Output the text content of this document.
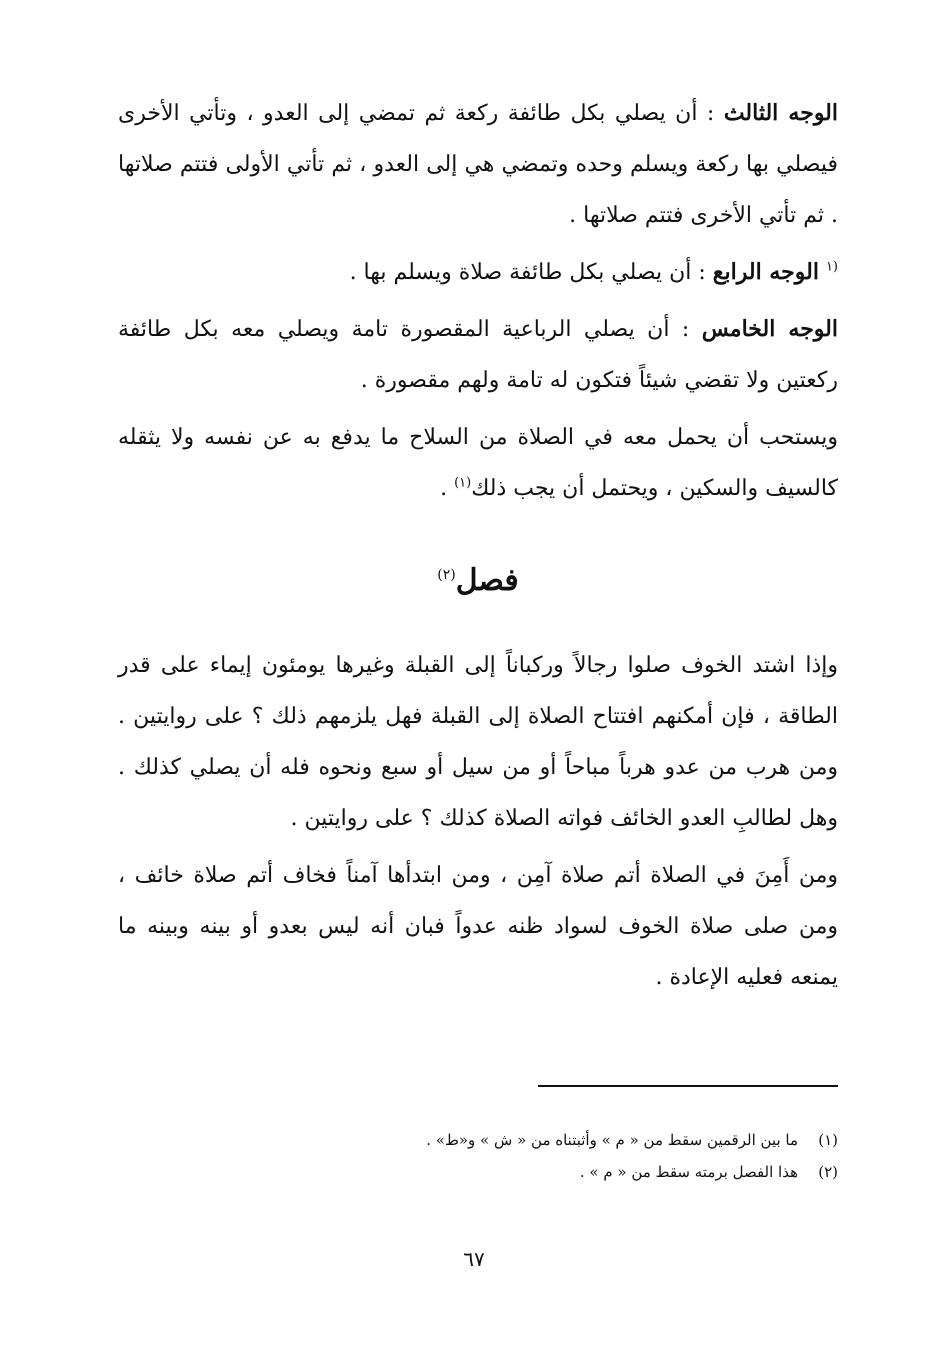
الوجه الثالث : أن يصلي بكل طائفة ركعة ثم تمضي إلى العدو ، وتأتي الأخرى فيصلي بها ركعة ويسلم وحده وتمضي هي إلى العدو ، ثم تأتي الأولى فتتم صلاتها . ثم تأتي الأخرى فتتم صلاتها .

$^{(١}$ الوجه الرابع : أن يصلي بكل طائفة صلاة ويسلم بها .

الوجه الخامس : أن يصلي الرباعية المقصورة تامة ويصلي معه بكل طائفة ركعتين ولا تقضي شيئاً فتكون له تامة ولهم مقصورة .

ويستحب أن يحمل معه في الصلاة من السلاح ما يدفع به عن نفسه ولا يثقله كالسيف والسكين ، ويحتمل أن يجب ذلك$^{(١)}$ .

فصل$^{(٢)}$

وإذا اشتد الخوف صلوا رجالاً وركباناً إلى القبلة وغيرها يومئون إيماء على قدر الطاقة ، فإن أمكنهم افتتاح الصلاة إلى القبلة فهل يلزمهم ذلك ؟ على روايتين . ومن هرب من عدو هرباً مباحاً أو من سيل أو سبع ونحوه فله أن يصلي كذلك . وهل لطالبِ العدو الخائف فواته الصلاة كذلك ؟ على روايتين .

ومن أَمِنَ في الصلاة أتم صلاة آمِن ، ومن ابتدأها آمناً فخاف أتم صلاة خائف ، ومن صلى صلاة الخوف لسواد ظنه عدواً فبان أنه ليس بعدو أو بينه وبينه ما يمنعه فعليه الإعادة .

(١)ما بين الرقمين سقط من « م » وأثبتناه من « ش » و«ط» .
(٢)هذا الفصل برمته سقط من « م » .
٦٧
